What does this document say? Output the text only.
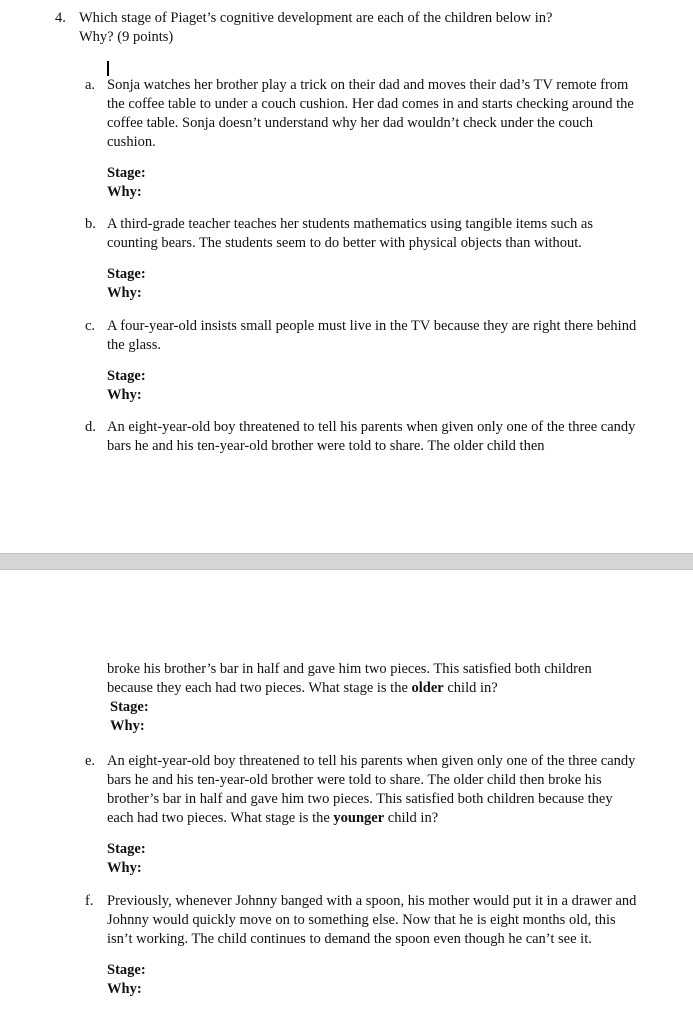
4. Which stage of Piaget’s cognitive development are each of the children below in?
Why? (9 points)
a. Sonja watches her brother play a trick on their dad and moves their dad’s TV remote from the coffee table to under a couch cushion. Her dad comes in and starts checking around the coffee table. Sonja doesn’t understand why her dad wouldn’t check under the couch cushion.
Stage:
Why:
b. A third-grade teacher teaches her students mathematics using tangible items such as counting bears. The students seem to do better with physical objects than without.
Stage:
Why:
c. A four-year-old insists small people must live in the TV because they are right there behind the glass.
Stage:
Why:
d. An eight-year-old boy threatened to tell his parents when given only one of the three candy bars he and his ten-year-old brother were told to share. The older child then
broke his brother’s bar in half and gave him two pieces. This satisfied both children because they each had two pieces. What stage is the older child in?
Stage:
Why:
e. An eight-year-old boy threatened to tell his parents when given only one of the three candy bars he and his ten-year-old brother were told to share. The older child then broke his brother’s bar in half and gave him two pieces. This satisfied both children because they each had two pieces. What stage is the younger child in?
Stage:
Why:
f. Previously, whenever Johnny banged with a spoon, his mother would put it in a drawer and Johnny would quickly move on to something else. Now that he is eight months old, this isn’t working. The child continues to demand the spoon even though he can’t see it.
Stage:
Why:
